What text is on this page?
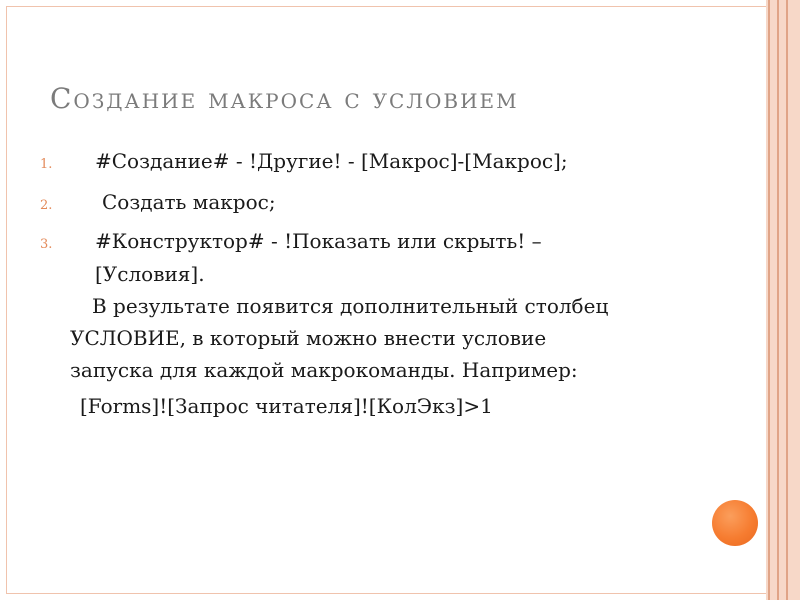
Создание макроса с условием
1. #Создание# - !Другие! - [Макрос]-[Макрос];
2. Создать макрос;
3. #Конструктор# - !Показать или скрыть! –
[Условия].
В результате появится дополнительный столбец
УСЛОВИЕ, в который можно внести условие
запуска для каждой макрокоманды. Например:
[Forms]![Запрос читателя]![КолЭкз]>1
